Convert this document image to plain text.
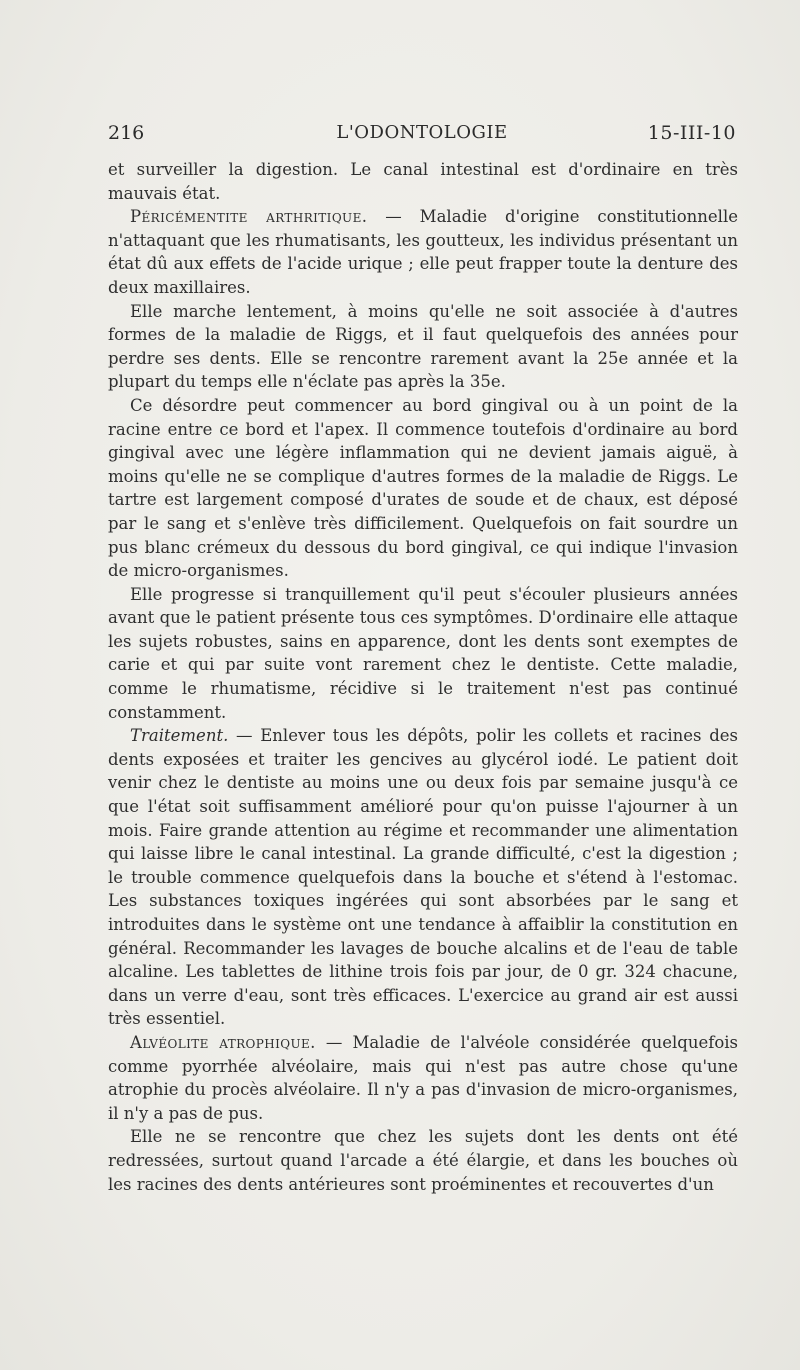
216	L'ODONTOLOGIE	15-III-10

et surveiller la digestion. Le canal intestinal est d'ordinaire en très mauvais état.

Péricémentite arthritique. — Maladie d'origine constitutionnelle n'attaquant que les rhumatisants, les goutteux, les individus présentant un état dû aux effets de l'acide urique ; elle peut frapper toute la denture des deux maxillaires.

Elle marche lentement, à moins qu'elle ne soit associée à d'autres formes de la maladie de Riggs, et il faut quelquefois des années pour perdre ses dents. Elle se rencontre rarement avant la 25e année et la plupart du temps elle n'éclate pas après la 35e.

Ce désordre peut commencer au bord gingival ou à un point de la racine entre ce bord et l'apex. Il commence toutefois d'ordinaire au bord gingival avec une légère inflammation qui ne devient jamais aiguë, à moins qu'elle ne se complique d'autres formes de la maladie de Riggs. Le tartre est largement composé d'urates de soude et de chaux, est déposé par le sang et s'enlève très difficilement. Quelquefois on fait sourdre un pus blanc crémeux du dessous du bord gingival, ce qui indique l'invasion de micro-organismes.

Elle progresse si tranquillement qu'il peut s'écouler plusieurs années avant que le patient présente tous ces symptômes. D'ordinaire elle attaque les sujets robustes, sains en apparence, dont les dents sont exemptes de carie et qui par suite vont rarement chez le dentiste. Cette maladie, comme le rhumatisme, récidive si le traitement n'est pas continué constamment.

Traitement. — Enlever tous les dépôts, polir les collets et racines des dents exposées et traiter les gencives au glycérol iodé. Le patient doit venir chez le dentiste au moins une ou deux fois par semaine jusqu'à ce que l'état soit suffisamment amélioré pour qu'on puisse l'ajourner à un mois. Faire grande attention au régime et recommander une alimentation qui laisse libre le canal intestinal. La grande difficulté, c'est la digestion ; le trouble commence quelquefois dans la bouche et s'étend à l'estomac. Les substances toxiques ingérées qui sont absorbées par le sang et introduites dans le système ont une tendance à affaiblir la constitution en général. Recommander les lavages de bouche alcalins et de l'eau de table alcaline. Les tablettes de lithine trois fois par jour, de 0 gr. 324 chacune, dans un verre d'eau, sont très efficaces. L'exercice au grand air est aussi très essentiel.

Alvéolite atrophique. — Maladie de l'alvéole considérée quelquefois comme pyorrhée alvéolaire, mais qui n'est pas autre chose qu'une atrophie du procès alvéolaire. Il n'y a pas d'invasion de micro-organismes, il n'y a pas de pus.

Elle ne se rencontre que chez les sujets dont les dents ont été redressées, surtout quand l'arcade a été élargie, et dans les bouches où les racines des dents antérieures sont proéminentes et recouvertes d'un
